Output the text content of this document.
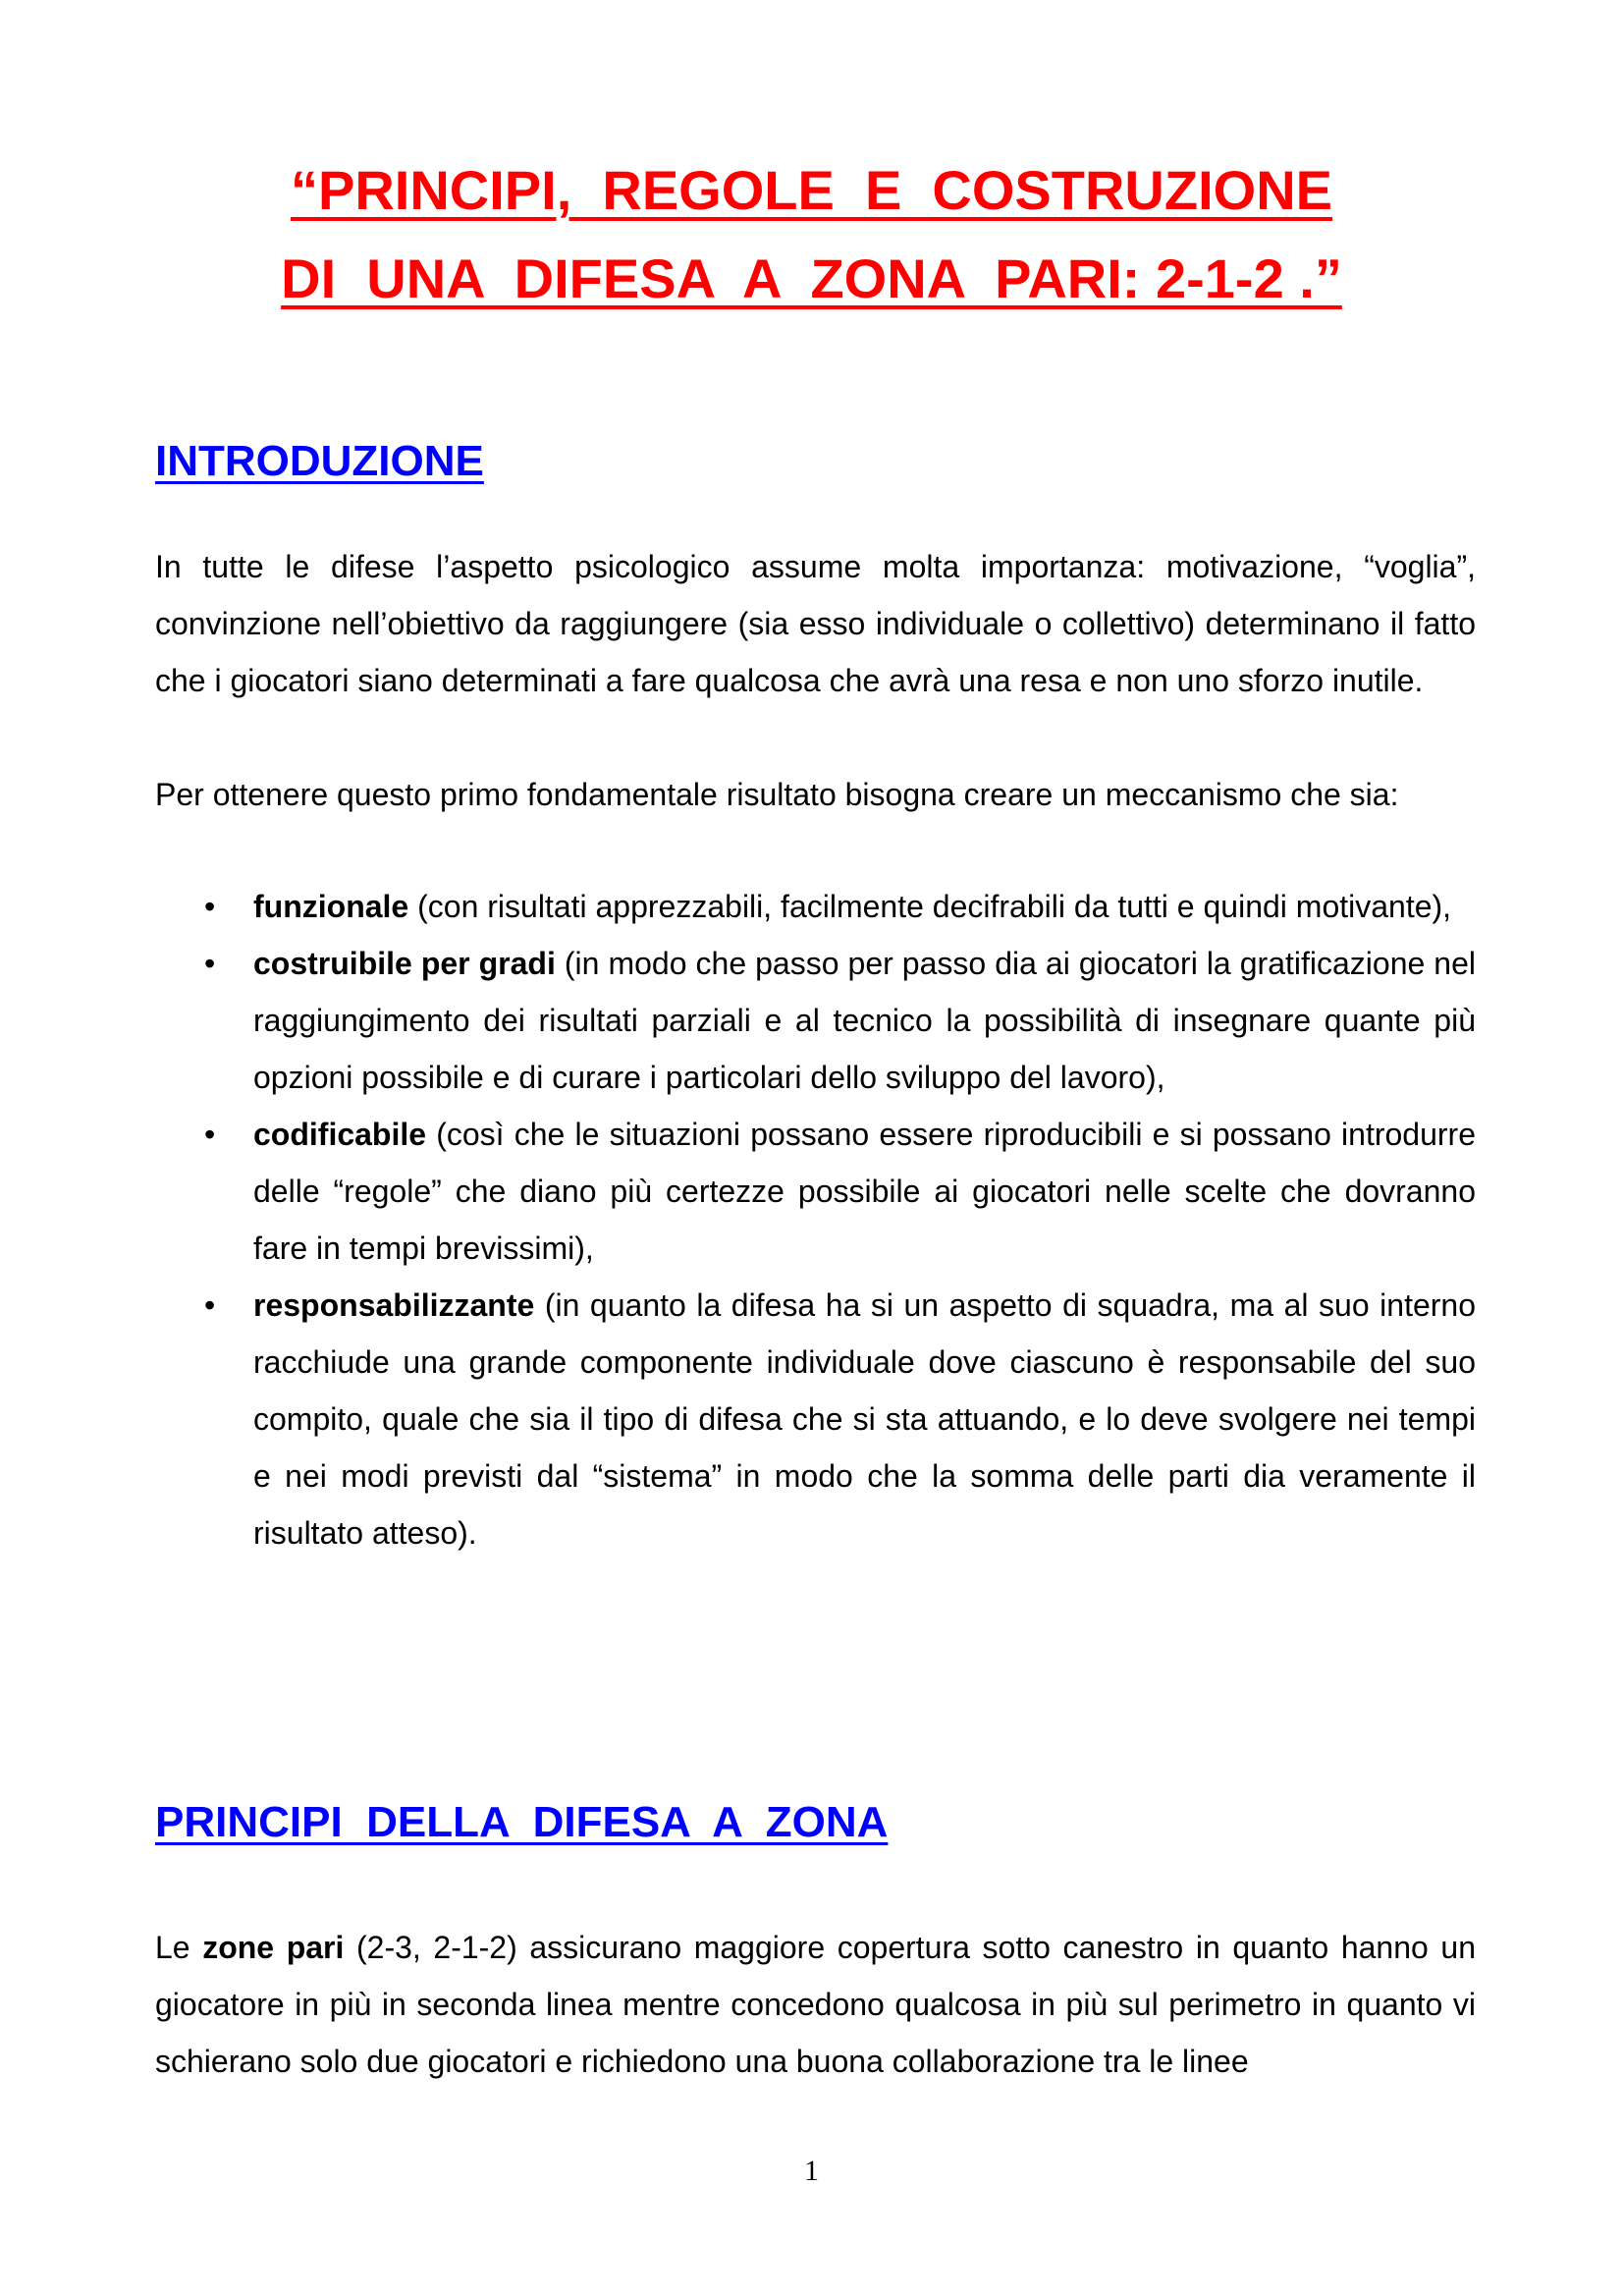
“PRINCIPI,  REGOLE  E  COSTRUZIONE
DI  UNA  DIFESA  A  ZONA  PARI: 2-1-2 .”
INTRODUZIONE

In tutte le difese l’aspetto psicologico assume molta importanza: motivazione, “voglia”, convinzione nell’obiettivo da raggiungere (sia esso individuale o collettivo) determinano il fatto che i giocatori siano determinati a fare qualcosa che avrà una resa e non uno sforzo inutile.

Per ottenere questo primo fondamentale risultato bisogna creare un meccanismo che sia:

• funzionale (con risultati apprezzabili, facilmente decifrabili da tutti e quindi motivante),
• costruibile per gradi (in modo che passo per passo dia ai giocatori la gratificazione nel raggiungimento dei risultati parziali e al tecnico la possibilità di insegnare quante più opzioni possibile e di curare i particolari dello sviluppo del lavoro),
• codificabile (così che le situazioni possano essere riproducibili e si possano introdurre delle “regole” che diano più certezze possibile ai giocatori nelle scelte che dovranno fare in tempi brevissimi),
• responsabilizzante (in quanto la difesa ha si un aspetto di squadra, ma al suo interno racchiude una grande componente individuale dove ciascuno è responsabile del suo compito, quale che sia il tipo di difesa che si sta attuando, e lo deve svolgere nei tempi e nei modi previsti dal “sistema” in modo che la somma delle parti dia veramente il risultato atteso).
PRINCIPI  DELLA  DIFESA  A  ZONA

Le zone pari (2-3, 2-1-2) assicurano maggiore copertura sotto canestro in quanto hanno un giocatore in più in seconda linea mentre concedono qualcosa in più sul perimetro in quanto vi schierano solo due giocatori e richiedono una buona collaborazione tra le linee

1
